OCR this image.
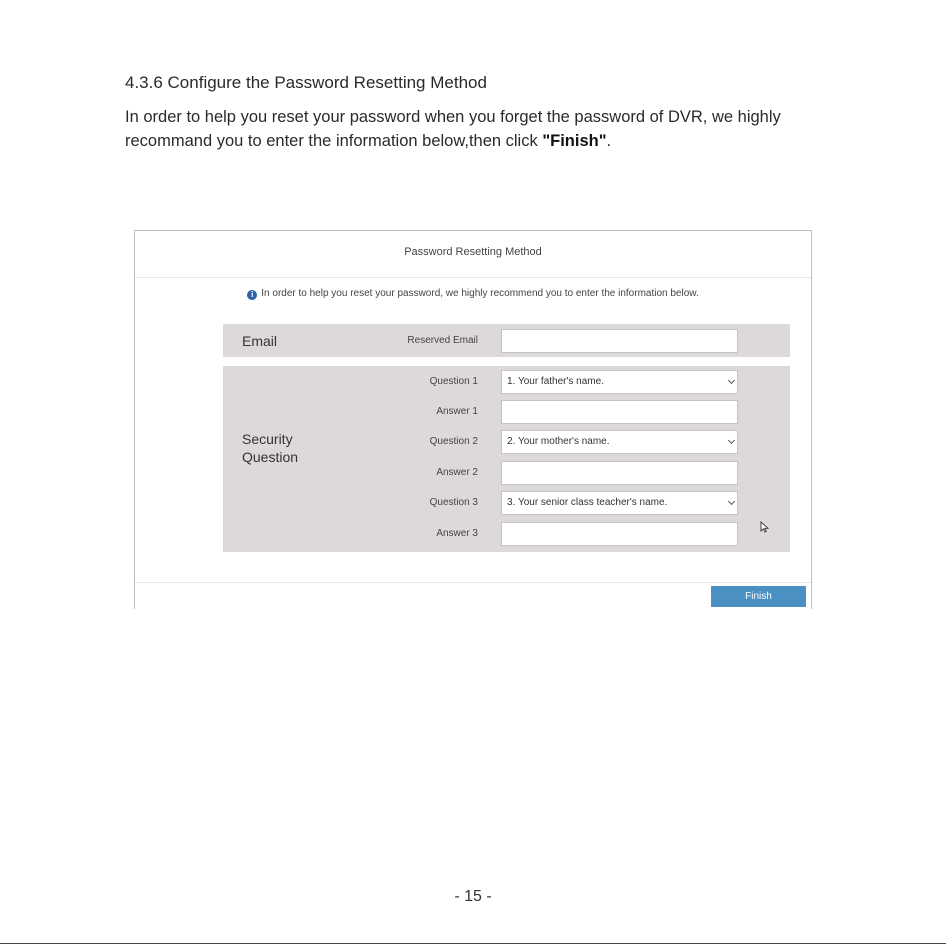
4.3.6 Configure the Password Resetting Method
In order to help you reset your password when you forget the password of DVR, we highly recommand you to enter the information below,then click "Finish".
Password Resetting Method
i In order to help you reset your password, we highly recommend you to enter the information below.
Email	Reserved Email
Security
Question
Question 1	1. Your father's name.
Answer 1
Question 2	2. Your mother's name.
Answer 2
Question 3	3. Your senior class teacher's name.
Answer 3
Finish
- 15 -
